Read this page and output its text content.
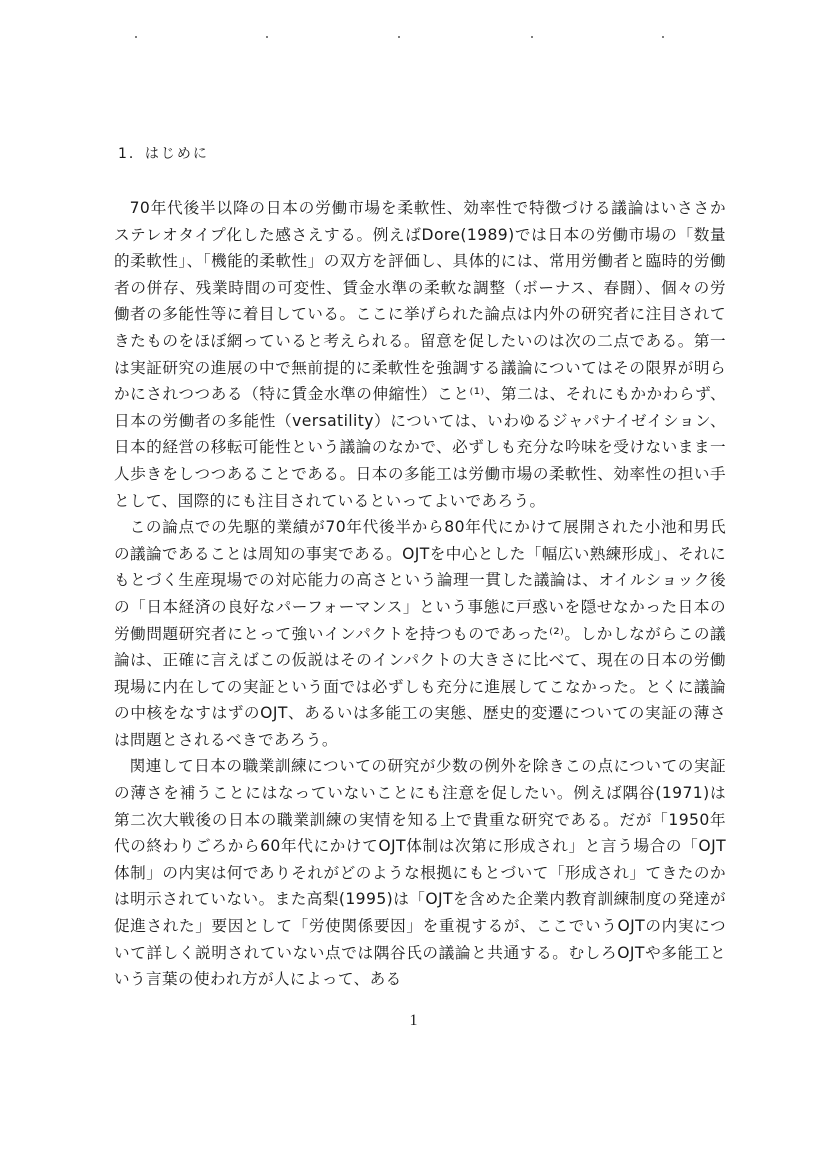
1．はじめに

70年代後半以降の日本の労働市場を柔軟性、効率性で特徴づける議論はいささかステレオタイプ化した感さえする。例えばDore(1989)では日本の労働市場の「数量的柔軟性」、「機能的柔軟性」の双方を評価し、具体的には、常用労働者と臨時的労働者の併存、残業時間の可変性、賃金水準の柔軟な調整（ボーナス、春闘）、個々の労働者の多能性等に着目している。ここに挙げられた論点は内外の研究者に注目されてきたものをほぼ網っていると考えられる。留意を促したいのは次の二点である。第一は実証研究の進展の中で無前提的に柔軟性を強調する議論についてはその限界が明らかにされつつある（特に賃金水準の伸縮性）こと⁽¹⁾、第二は、それにもかかわらず、日本の労働者の多能性（versatility）については、いわゆるジャパナイゼイション、日本的経営の移転可能性という議論のなかで、必ずしも充分な吟味を受けないまま一人歩きをしつつあることである。日本の多能工は労働市場の柔軟性、効率性の担い手として、国際的にも注目されているといってよいであろう。

この論点での先駆的業績が70年代後半から80年代にかけて展開された小池和男氏の議論であることは周知の事実である。OJTを中心とした「幅広い熟練形成」、それにもとづく生産現場での対応能力の高さという論理一貫した議論は、オイルショック後の「日本経済の良好なパーフォーマンス」という事態に戸惑いを隠せなかった日本の労働問題研究者にとって強いインパクトを持つものであった⁽²⁾。しかしながらこの議論は、正確に言えばこの仮説はそのインパクトの大きさに比べて、現在の日本の労働現場に内在しての実証という面では必ずしも充分に進展してこなかった。とくに議論の中核をなすはずのOJT、あるいは多能工の実態、歴史的変遷についての実証の薄さは問題とされるべきであろう。

関連して日本の職業訓練についての研究が少数の例外を除きこの点についての実証の薄さを補うことにはなっていないことにも注意を促したい。例えば隅谷(1971)は第二次大戦後の日本の職業訓練の実情を知る上で貴重な研究である。だが「1950年代の終わりごろから60年代にかけてOJT体制は次第に形成され」と言う場合の「OJT体制」の内実は何でありそれがどのような根拠にもとづいて「形成され」てきたのかは明示されていない。また高梨(1995)は「OJTを含めた企業内教育訓練制度の発達が促進された」要因として「労使関係要因」を重視するが、ここでいうOJTの内実について詳しく説明されていない点では隅谷氏の議論と共通する。むしろOJTや多能工という言葉の使われ方が人によって、ある

1
